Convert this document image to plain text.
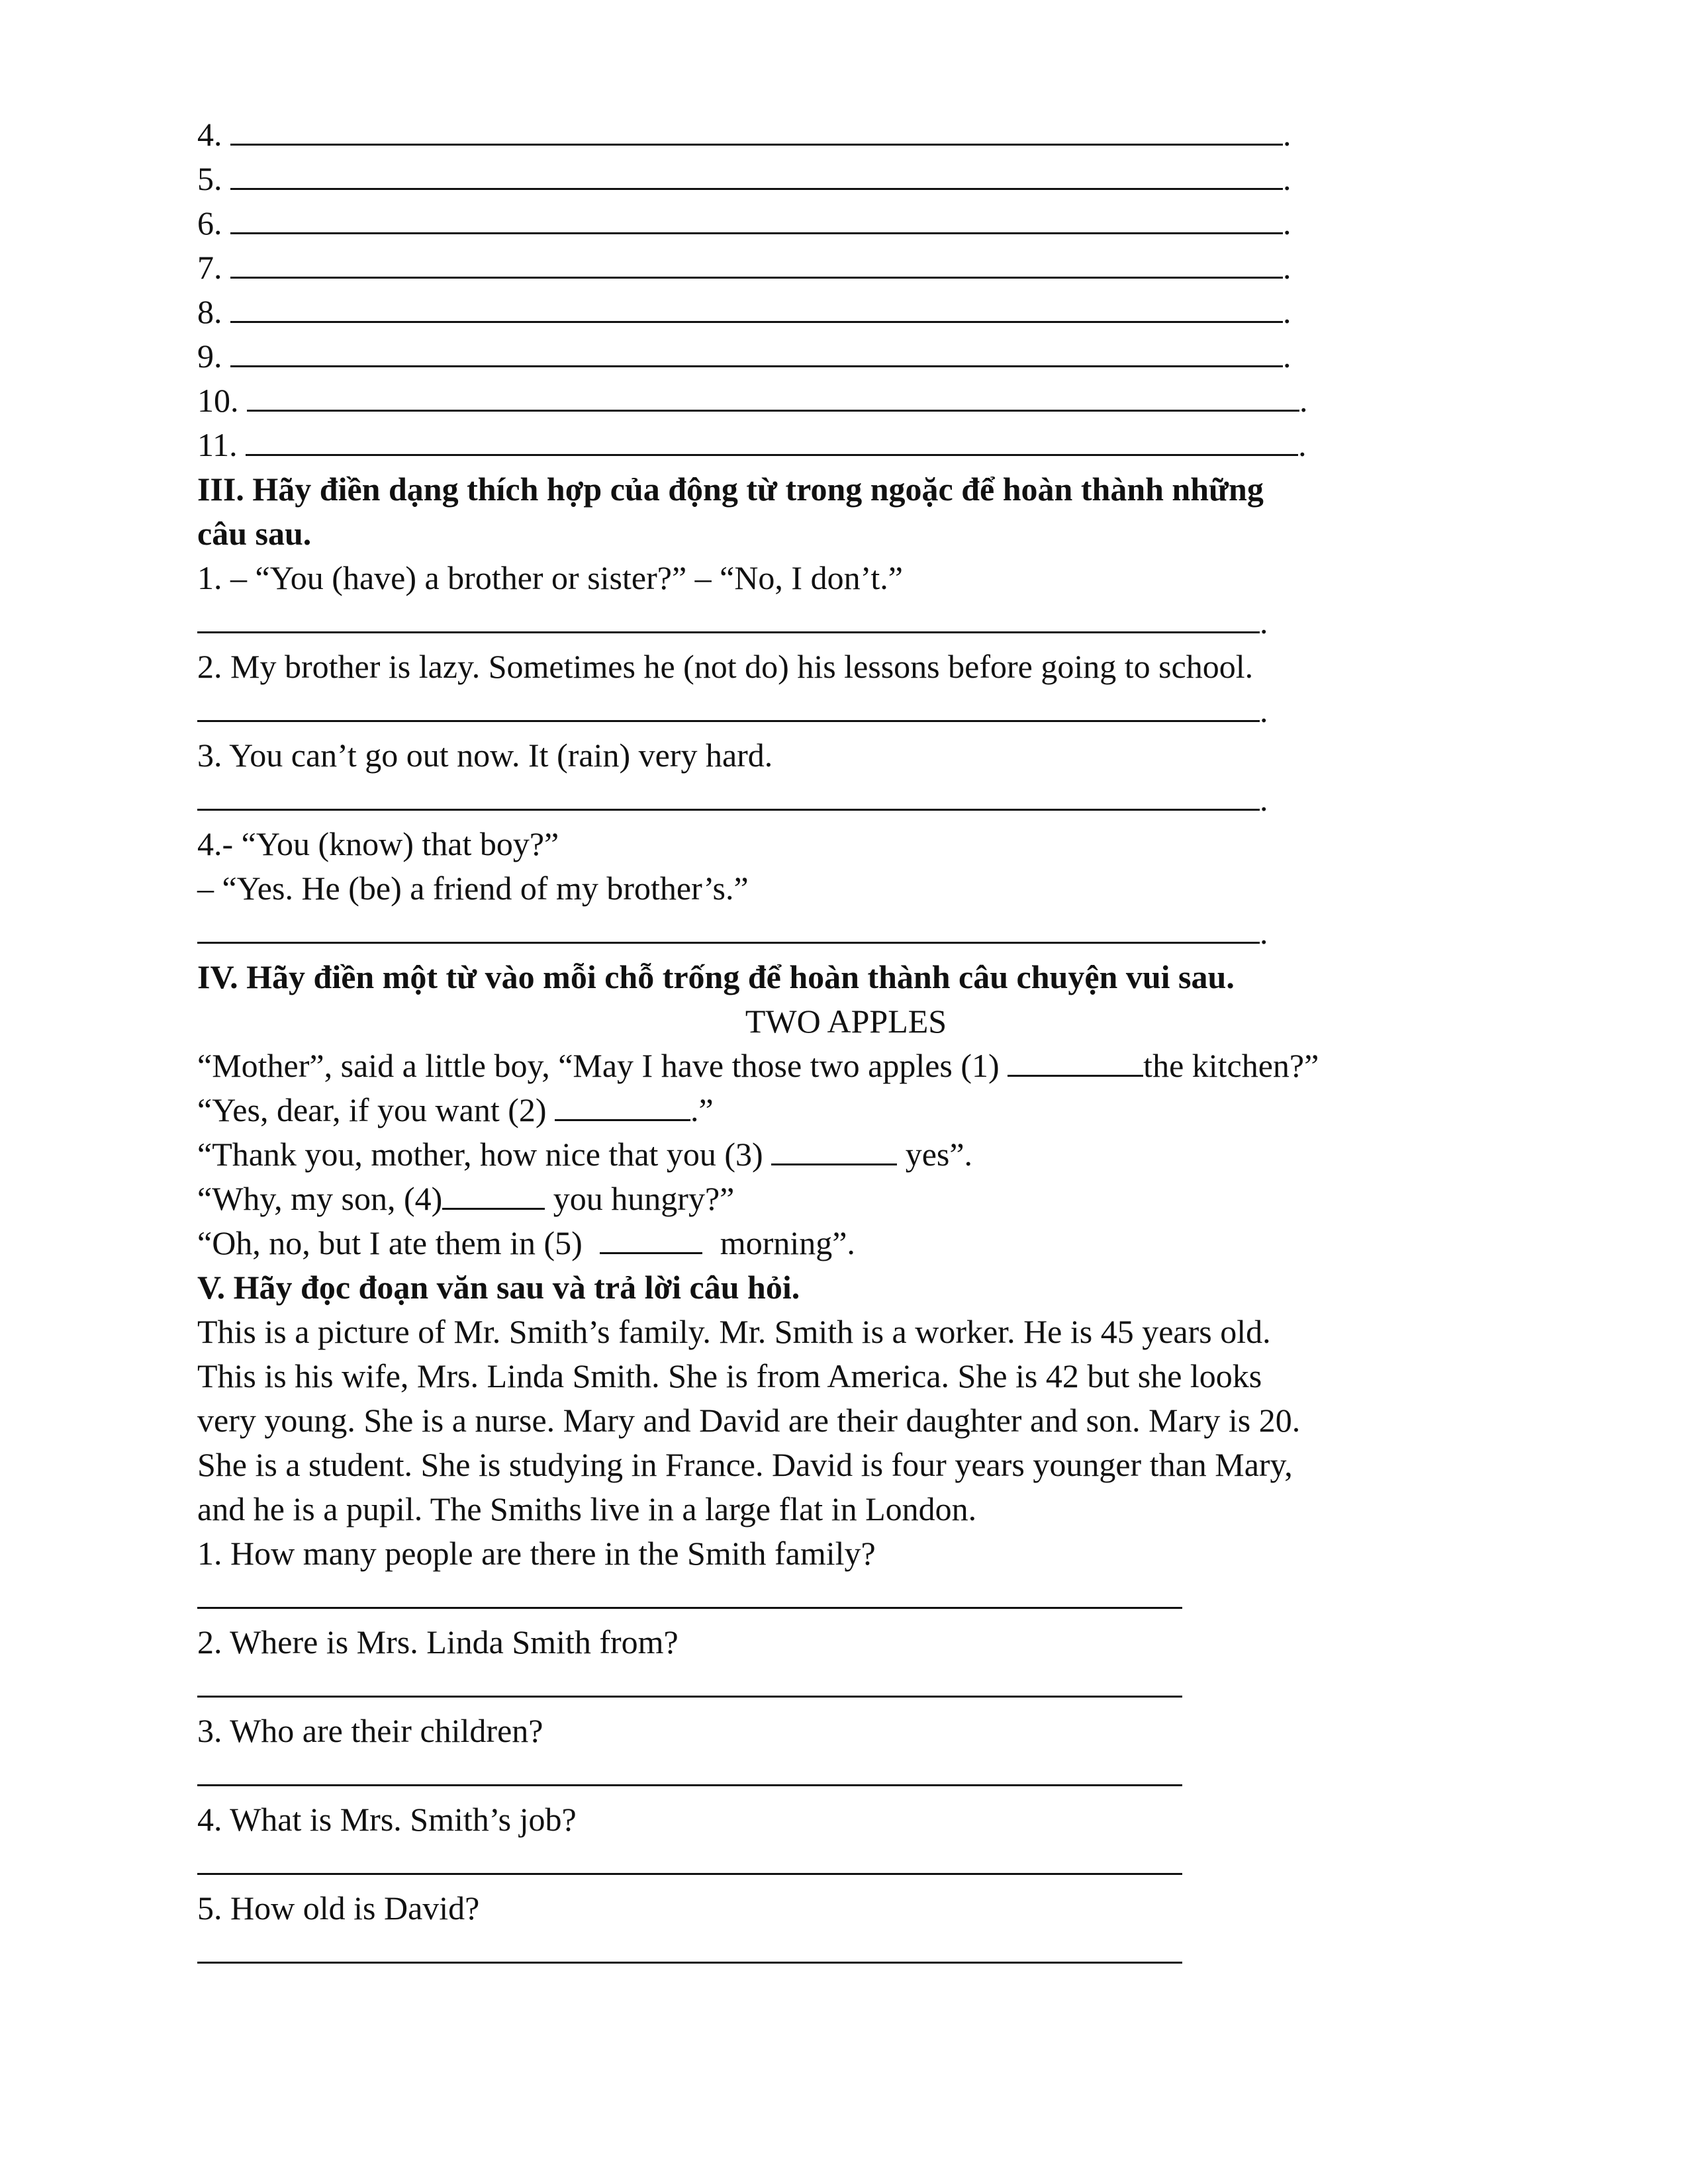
4.	.
5.	.
6.	.
7.	.
8.	.
9.	.
10.	.
11.	.
III. Hãy điền dạng thích hợp của động từ trong ngoặc để hoàn thành những
câu sau.
1. – “You (have) a brother or sister?” – “No, I don’t.”
.
2. My brother is lazy. Sometimes he (not do) his lessons before going to school.
.
3. You can’t go out now. It (rain) very hard.
.
4.- “You (know) that boy?”
– “Yes. He (be) a friend of my brother’s.”
.
IV. Hãy điền một từ vào mỗi chỗ trống để hoàn thành câu chuyện vui sau.
TWO APPLES
“Mother”, said a little boy, “May I have those two apples (1)	the kitchen?”
“Yes, dear, if you want (2)	.”
“Thank you, mother, how nice that you (3)	yes”.
“Why, my son, (4)	you hungry?”
“Oh, no, but I ate them in (5)	morning”.
V. Hãy đọc đoạn văn sau và trả lời câu hỏi.
This is a picture of Mr. Smith’s family. Mr. Smith is a worker. He is 45 years old.
This is his wife, Mrs. Linda Smith. She is from America. She is 42 but she looks
very young. She is a nurse. Mary and David are their daughter and son. Mary is 20.
She is a student. She is studying in France. David is four years younger than Mary,
and he is a pupil. The Smiths live in a large flat in London.
1. How many people are there in the Smith family?
2. Where is Mrs. Linda Smith from?
3. Who are their children?
4. What is Mrs. Smith’s job?
5. How old is David?
